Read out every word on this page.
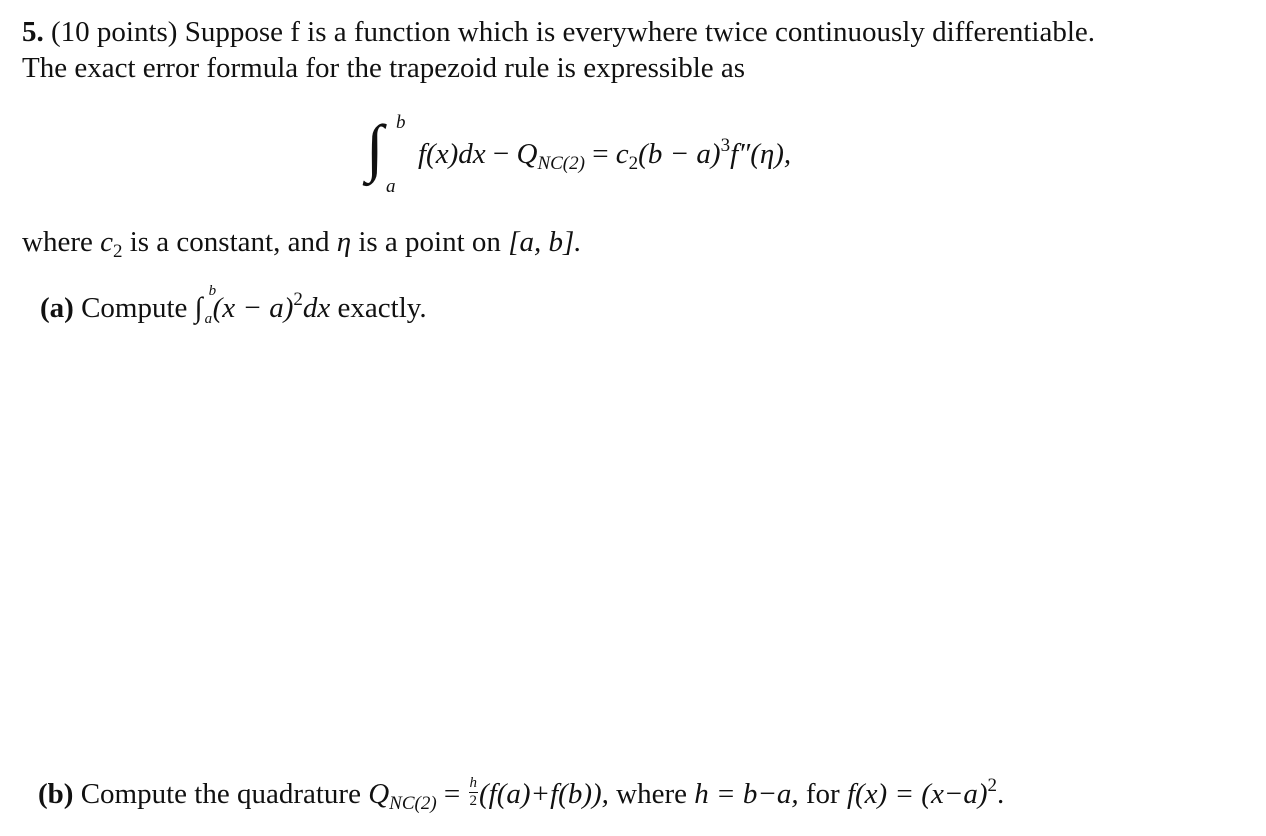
5. (10 points) Suppose f is a function which is everywhere twice continuously differentiable.
The exact error formula for the trapezoid rule is expressible as
∫ b
a
$f(x)dx - Q_{NC(2)} = c_2(b - a)^3f''(\eta)$,
where $c_2$ is a constant, and η is a point on [a, b].
(a) Compute ∫
b
a $(x - a)^2dx$ exactly.
(b) Compute the quadrature $Q_{NC(2)} = \frac{h}{2} (f(a)+f(b))$, where h = b−a, for $f(x) = (x-a)^2$.
